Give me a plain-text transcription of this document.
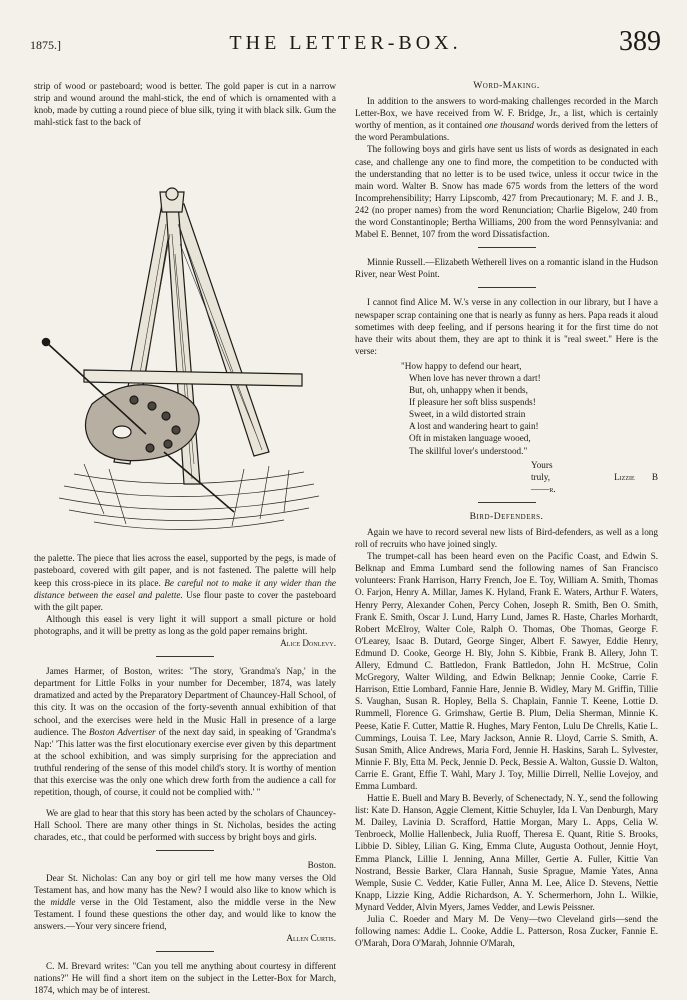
1875.]	THE LETTER-BOX.	389

strip of wood or pasteboard; wood is better. The gold paper is cut in a narrow strip and wound around the mahl-stick, the end of which is ornamented with a knob, made by cutting a round piece of blue silk, tying it with black silk. Gum the mahl-stick fast to the back of

the palette. The piece that lies across the easel, supported by the pegs, is made of pasteboard, covered with gilt paper, and is not fastened. The palette will help keep this cross-piece in its place. Be careful not to make it any wider than the distance between the easel and palette. Use flour paste to cover the pasteboard with the gilt paper.

Although this easel is very light it will support a small picture or hold photographs, and it will be pretty as long as the gold paper remains bright.

Alice Donlevy.

James Harmer, of Boston, writes: "The story, 'Grandma's Nap,' in the department for Little Folks in your number for December, 1874, was lately dramatized and acted by the Preparatory Department of Chauncey-Hall School, of this city. It was on the occasion of the forty-seventh annual exhibition of that school, and the exercises were held in the Music Hall in presence of a large audience. The Boston Advertiser of the next day said, in speaking of 'Grandma's Nap:' 'This latter was the first elocutionary exercise ever given by this department at the school exhibition, and was simply surprising for the appreciation and truthful rendering of the sense of this model child's story. It is worthy of mention that this exercise was the only one which drew forth from the audience a call for repetition, though, of course, it could not be complied with.' "

We are glad to hear that this story has been acted by the scholars of Chauncey-Hall School. There are many other things in St. Nicholas, besides the acting charades, etc., that could be performed with success by bright boys and girls.

Boston.

Dear St. Nicholas: Can any boy or girl tell me how many verses the Old Testament has, and how many has the New? I would also like to know which is the middle verse in the Old Testament, also the middle verse in the New Testament. I found these questions the other day, and would like to know the answers.—Your very sincere friend,

Allen Curtis.

C. M. Brevard writes: "Can you tell me anything about courtesy in different nations?" He will find a short item on the subject in the Letter-Box for March, 1874, which may be of interest.

Word-Making.

In addition to the answers to word-making challenges recorded in the March Letter-Box, we have received from W. F. Bridge, Jr., a list, which is certainly worthy of mention, as it contained one thousand words derived from the letters of the word Perambulations.

The following boys and girls have sent us lists of words as designated in each case, and challenge any one to find more, the competition to be conducted with the understanding that no letter is to be used twice, unless it occur twice in the main word. Walter B. Snow has made 675 words from the letters of the word Incomprehensibility; Harry Lipscomb, 427 from Precautionary; M. F. and J. B., 242 (no proper names) from the word Renunciation; Charlie Bigelow, 240 from the word Constantinople; Bertha Williams, 200 from the word Pennsylvania: and Mabel E. Bennet, 107 from the word Dissatisfaction.

Minnie Russell.—Elizabeth Wetherell lives on a romantic island in the Hudson River, near West Point.

I cannot find Alice M. W.'s verse in any collection in our library, but I have a newspaper scrap containing one that is nearly as funny as hers. Papa reads it aloud sometimes with deep feeling, and if persons hearing it for the first time do not have their wits about them, they are apt to think it is "real sweet." Here is the verse:

"How happy to defend our heart,
When love has never thrown a dart!
But, oh, unhappy when it bends,
If pleasure her soft bliss suspends!
Sweet, in a wild distorted strain
A lost and wandering heart to gain!
Oft in mistaken language wooed,
The skillful lover's understood."
Yours truly,	Lizzie B——r.
Bird-Defenders.

Again we have to record several new lists of Bird-defenders, as well as a long roll of recruits who have joined singly.

The trumpet-call has been heard even on the Pacific Coast, and Edwin S. Belknap and Emma Lumbard send the following names of San Francisco volunteers: Frank Harrison, Harry French, Joe E. Toy, William A. Smith, Thomas O. Farjon, Henry A. Millar, James K. Hyland, Frank E. Waters, Arthur F. Waters, Henry Perry, Alexander Cohen, Percy Cohen, Joseph R. Smith, Ben O. Smith, Frank E. Smith, Oscar J. Lund, Harry Lund, James R. Haste, Charles Morhardt, Robert McElroy, Walter Cole, Ralph O. Thomas, Obe Thomas, George F. O'Leareу, Isaac B. Dutard, George Singer, Albert F. Sawyer, Eddie Henry, Edmund D. Cooke, George H. Bly, John S. Kibbie, Frank B. Allery, John T. Allery, Edmund C. Battledon, Frank Battledon, John H. McStrue, Colin McGregory, Walter Wilding, and Edwin Belknap; Jennie Cooke, Carrie F. Harrison, Ettie Lombard, Fannie Hare, Jennie B. Widley, Mary M. Griffin, Tillie S. Vaughan, Susan R. Hopley, Bella S. Chaplain, Fannie T. Keene, Lottie D. Rummell, Florence G. Grimshaw, Gertie B. Plum, Delia Sherman, Minnie K. Peese, Katie F. Cutter, Mattie R. Hughes, Mary Fenton, Lulu De Chrells, Katie L. Cummings, Louisa T. Lee, Mary Jackson, Annie R. Lloyd, Carrie S. Smith, A. Susan Smith, Alice Andrews, Maria Ford, Jennie H. Haskins, Sarah L. Sylvester, Minnie F. Bly, Etta M. Peck, Jennie D. Peck, Bessie A. Walton, Gussie D. Walton, Carrie E. Grant, Effie T. Wahl, Mary J. Toy, Millie Dirrell, Nellie Lovejoy, and Emma Lumbard.

Hattie E. Buell and Mary B. Beverly, of Schenectady, N. Y., send the following list: Kate D. Hanson, Aggie Clement, Kittie Schuyler, Ida I. Van Denburgh, Mary M. Dailey, Lavinia D. Scrafford, Hattie Morgan, Mary L. Apps, Celia W. Tenbroeck, Mollie Hallenbeck, Julia Ruoff, Theresa E. Quant, Ritie S. Brooks, Libbie D. Sibley, Lilian G. King, Emma Clute, Augusta Oothout, Jennie Hoyt, Emma Planck, Lillie I. Jenning, Anna Miller, Gertie A. Fuller, Kittie Van Nostrand, Bessie Barker, Clara Hannah, Susie Sprague, Mamie Yates, Anna Wemple, Susie C. Vedder, Katie Fuller, Anna M. Lee, Alice D. Stevens, Nettie Knapp, Lizzie King, Addie Richardson, A. Y. Schermerhorn, John L. Wilkie, Mynard Vedder, Alvin Myers, James Vedder, and Lewis Peissner.

Julia C. Roeder and Mary M. De Veny—two Cleveland girls—send the following names: Addie L. Cooke, Addie L. Patterson, Rosa Zucker, Fannie E. O'Marah, Dora O'Marah, Johnnie O'Marah,
